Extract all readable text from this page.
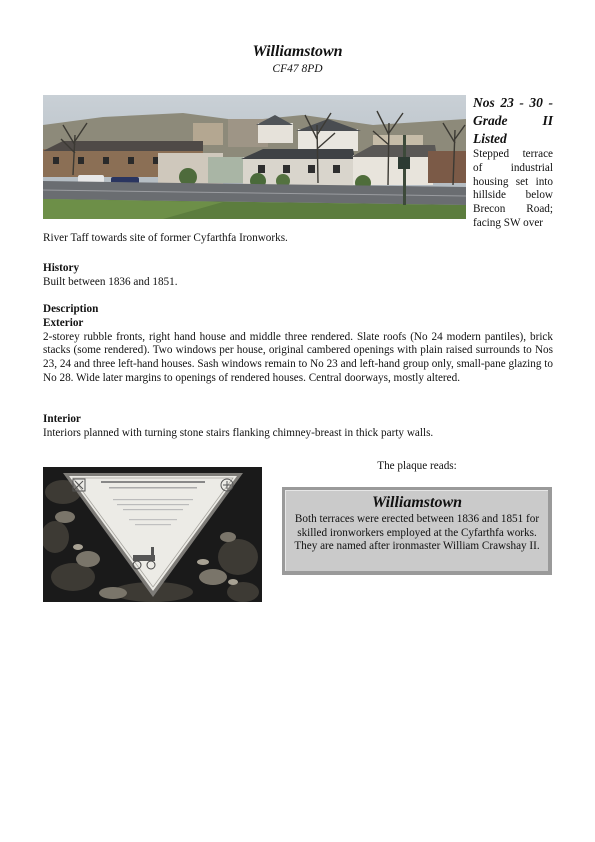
Williamstown
CF47 8PD

Nos 23 - 30 - Grade II Listed

Stepped terrace of industrial housing set into hillside below Brecon Road; facing SW over

River Taff towards site of former Cyfarthfa Ironworks.

History

Built between 1836 and 1851.

Description
Exterior

2-storey rubble fronts, right hand house and middle three rendered. Slate roofs (No 24 modern pantiles), brick stacks (some rendered). Two windows per house, original cambered openings with plain raised surrounds to Nos 23, 24 and three left-hand houses. Sash windows remain to No 23 and left-hand group only, small-pane glazing to No 28. Wide later margins to openings of rendered houses. Central doorways, mostly altered.

Interior

Interiors planned with turning stone stairs flanking chimney-breast in thick party walls.

The plaque reads:

Williamstown

Both terraces were erected between 1836 and 1851 for skilled ironworkers employed at the Cyfarthfa works. They are named after ironmaster William Crawshay II.
